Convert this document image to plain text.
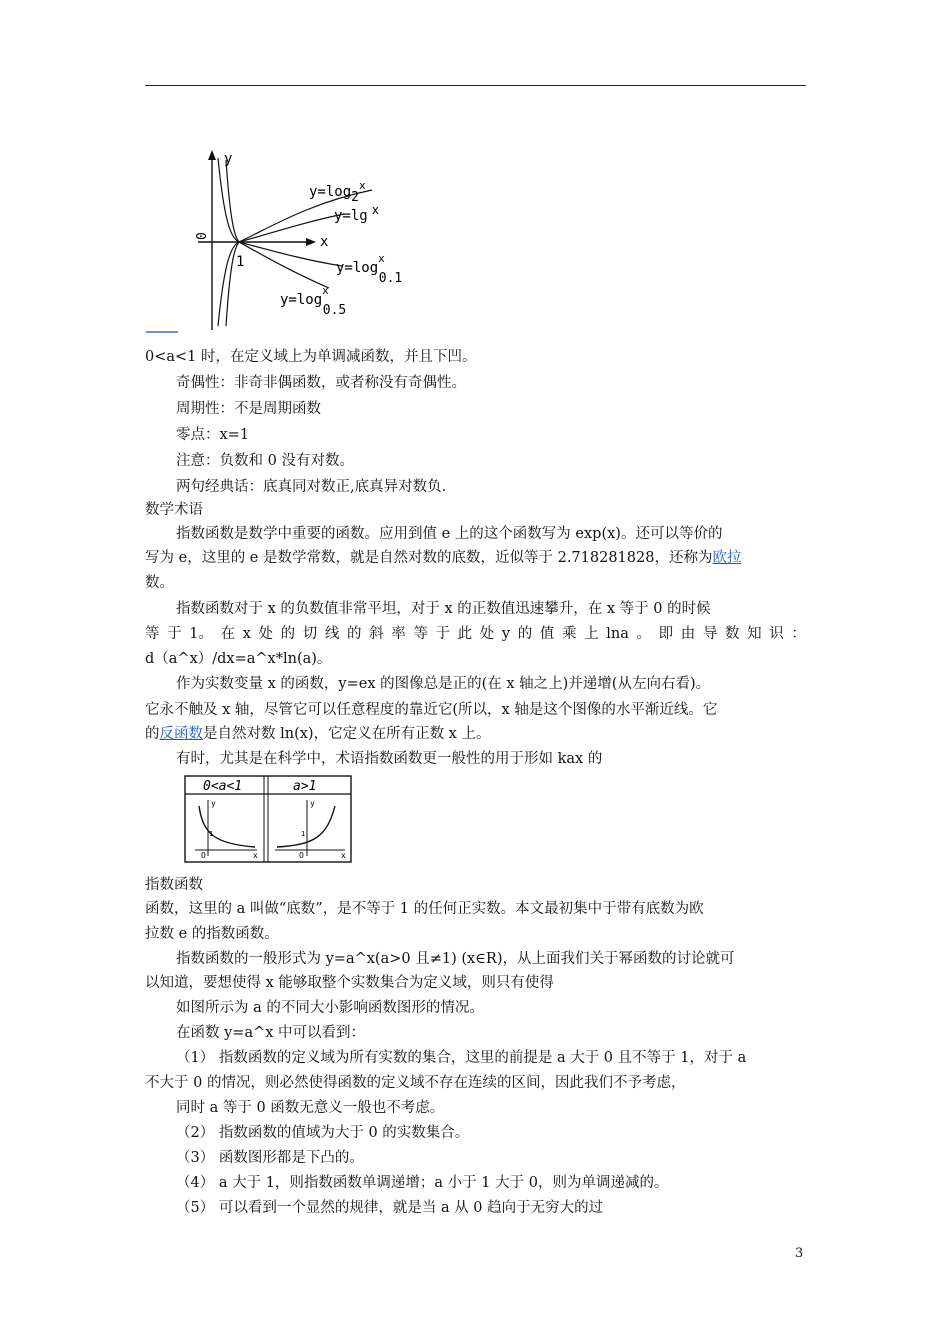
y
x
0
1
$y=\log 2^x$
y=lg x
$y=\log^x$ 0.1
$y=\log^x$ 0.5
0<a<1 时，在定义域上为单调减函数，并且下凹。
奇偶性：非奇非偶函数，或者称没有奇偶性。
周期性：不是周期函数
零点：x=1
注意：负数和 0 没有对数。
两句经典话：底真同对数正,底真异对数负.
数学术语
指数函数是数学中重要的函数。应用到值 e 上的这个函数写为 exp(x)。还可以等价的
写为 e，这里的 e 是数学常数，就是自然对数的底数，近似等于 2.718281828，还称为欧拉
数。
指数函数对于 x 的负数值非常平坦，对于 x 的正数值迅速攀升，在 x 等于 0 的时候
等 于 1。 在 x 处 的 切 线 的 斜 率 等 于 此 处 y 的 值 乘 上 lna 。 即 由 导 数 知 识 ：
d（a^x）/dx=a^x*ln(a)。
作为实数变量 x 的函数，y=ex 的图像总是正的(在 x 轴之上)并递增(从左向右看)。
它永不触及 x 轴，尽管它可以任意程度的靠近它(所以，x 轴是这个图像的水平渐近线。它
的反函数是自然对数 ln(x)，它定义在所有正数 x 上。
有时，尤其是在科学中，术语指数函数更一般性的用于形如 kax 的
0<a<1	a>1
y
x
1
O
y
x
1
O
指数函数
函数，这里的 a 叫做“底数”，是不等于 1 的任何正实数。本文最初集中于带有底数为欧
拉数 e 的指数函数。
指数函数的一般形式为 y=a^x(a>0 且≠1) (x∈R)，从上面我们关于幂函数的讨论就可
以知道，要想使得 x 能够取整个实数集合为定义域，则只有使得
如图所示为 a 的不同大小影响函数图形的情况。
在函数 y=a^x 中可以看到：
（1） 指数函数的定义域为所有实数的集合，这里的前提是 a 大于 0 且不等于 1，对于 a
不大于 0 的情况，则必然使得函数的定义域不存在连续的区间，因此我们不予考虑，
同时 a 等于 0 函数无意义一般也不考虑。
（2） 指数函数的值域为大于 0 的实数集合。
（3） 函数图形都是下凸的。
（4） a 大于 1，则指数函数单调递增；a 小于 1 大于 0，则为单调递减的。
（5） 可以看到一个显然的规律，就是当 a 从 0 趋向于无穷大的过
3
